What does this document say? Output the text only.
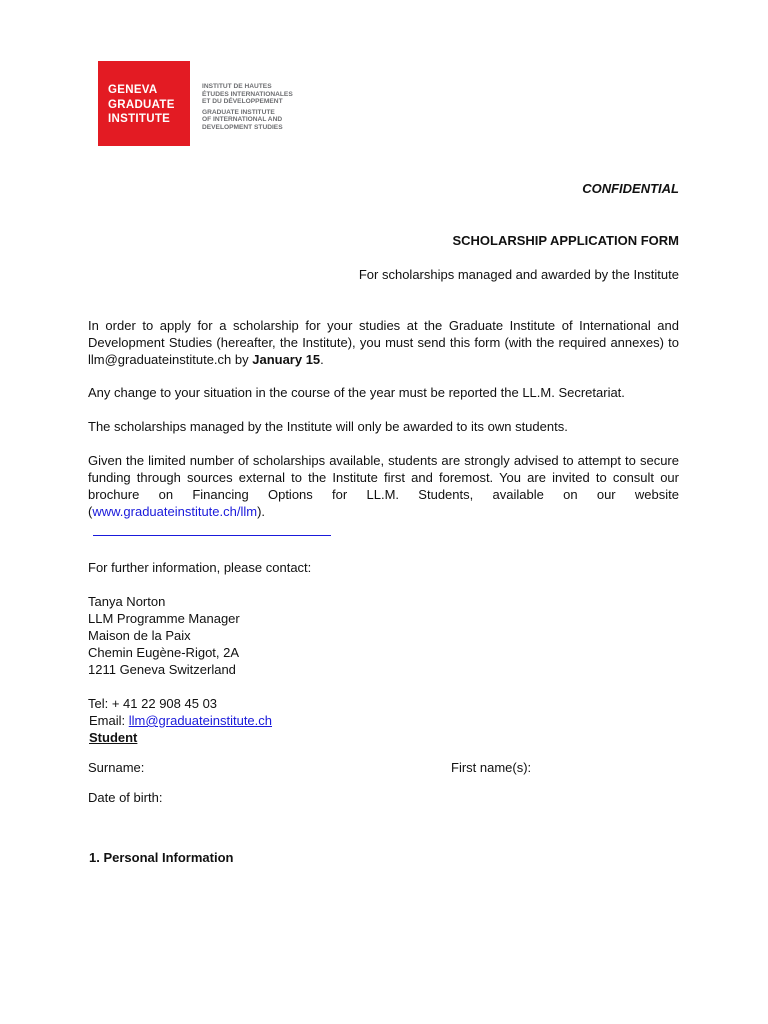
GENEVA
GRADUATE
INSTITUTE
INSTITUT DE HAUTES
ÉTUDES INTERNATIONALES
ET DU DÉVELOPPEMENT
GRADUATE INSTITUTE
OF INTERNATIONAL AND
DEVELOPMENT STUDIES
CONFIDENTIAL
SCHOLARSHIP APPLICATION FORM
For scholarships managed and awarded by the Institute

In order to apply for a scholarship for your studies at the Graduate Institute of International and Development Studies (hereafter, the Institute), you must send this form (with the required annexes) to llm@graduateinstitute.ch by January 15.

Any change to your situation in the course of the year must be reported the LL.M. Secretariat.

The scholarships managed by the Institute will only be awarded to its own students.

Given the limited number of scholarships available, students are strongly advised to attempt to secure funding through sources external to the Institute first and foremost. You are invited to consult our brochure on Financing Options for LL.M. Students, available on our website (www.graduateinstitute.ch/llm).

For further information, please contact:
Tanya Norton
LLM Programme Manager
Maison de la Paix
Chemin Eugène-Rigot, 2A
1211 Geneva Switzerland
Tel: + 41 22 908 45 03
Email: llm@graduateinstitute.ch
Student
Surname:	First name(s):
Date of birth:
1. Personal Information
